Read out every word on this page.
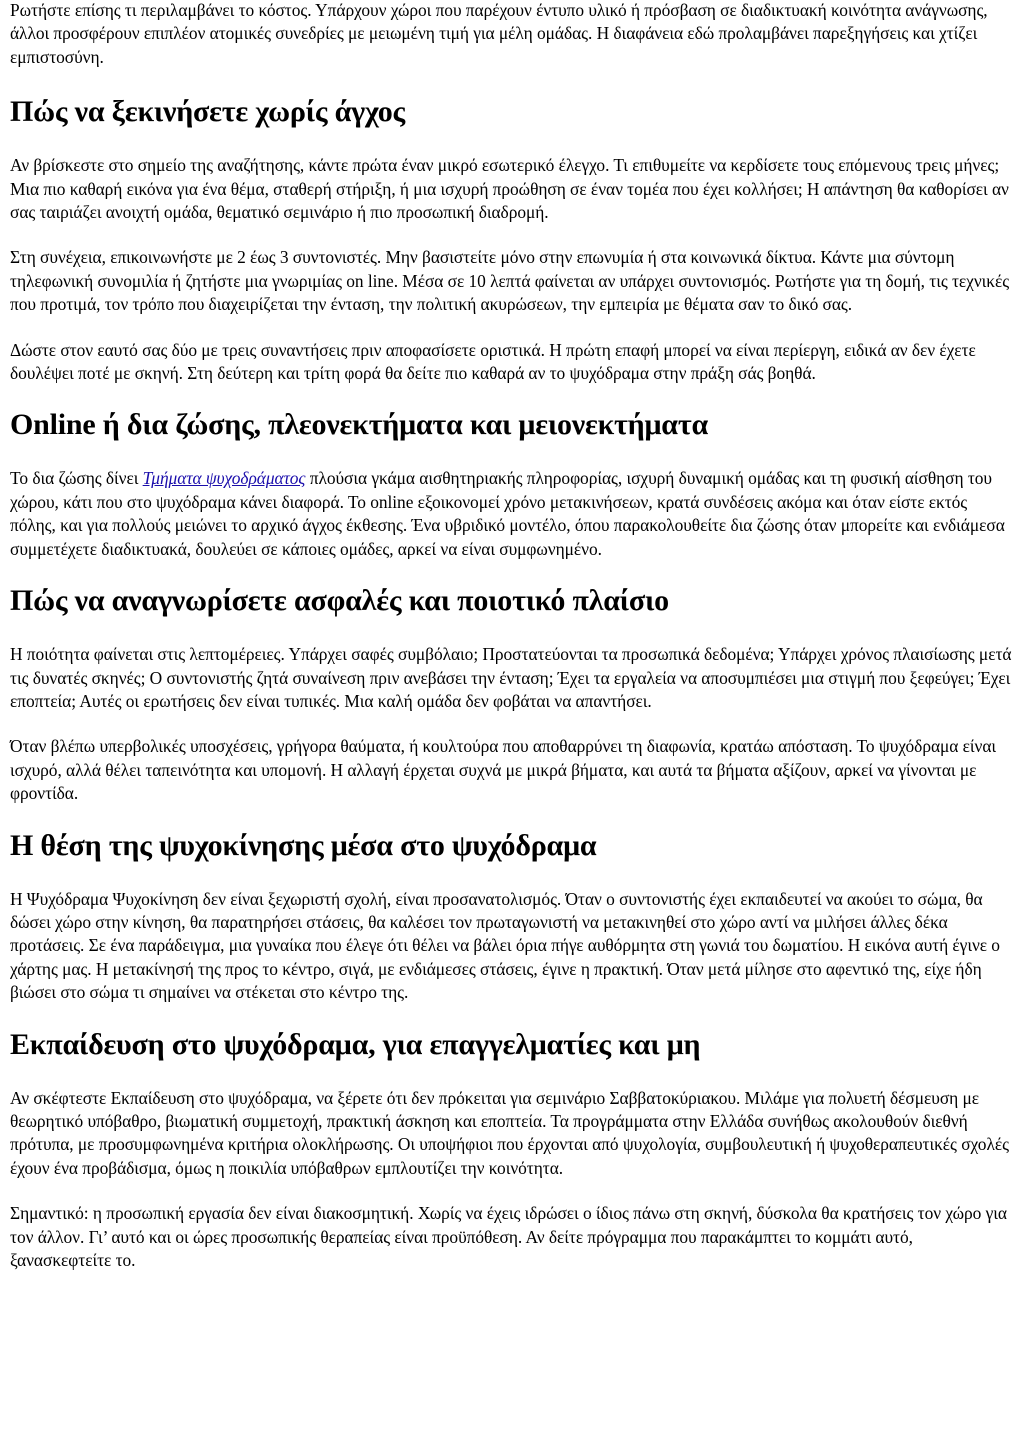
Ρωτήστε επίσης τι περιλαμβάνει το κόστος. Υπάρχουν χώροι που παρέχουν έντυπο υλικό ή πρόσβαση σε διαδικτυακή κοινότητα ανάγνωσης, άλλοι προσφέρουν επιπλέον ατομικές συνεδρίες με μειωμένη τιμή για μέλη ομάδας. Η διαφάνεια εδώ προλαμβάνει παρεξηγήσεις και χτίζει εμπιστοσύνη.

Πώς να ξεκινήσετε χωρίς άγχος

Αν βρίσκεστε στο σημείο της αναζήτησης, κάντε πρώτα έναν μικρό εσωτερικό έλεγχο. Τι επιθυμείτε να κερδίσετε τους επόμενους τρεις μήνες; Μια πιο καθαρή εικόνα για ένα θέμα, σταθερή στήριξη, ή μια ισχυρή προώθηση σε έναν τομέα που έχει κολλήσει; Η απάντηση θα καθορίσει αν σας ταιριάζει ανοιχτή ομάδα, θεματικό σεμινάριο ή πιο προσωπική διαδρομή.

Στη συνέχεια, επικοινωνήστε με 2 έως 3 συντονιστές. Μην βασιστείτε μόνο στην επωνυμία ή στα κοινωνικά δίκτυα. Κάντε μια σύντομη τηλεφωνική συνομιλία ή ζητήστε μια γνωριμίας on line. Μέσα σε 10 λεπτά φαίνεται αν υπάρχει συντονισμός. Ρωτήστε για τη δομή, τις τεχνικές που προτιμά, τον τρόπο που διαχειρίζεται την ένταση, την πολιτική ακυρώσεων, την εμπειρία με θέματα σαν το δικό σας.

Δώστε στον εαυτό σας δύο με τρεις συναντήσεις πριν αποφασίσετε οριστικά. Η πρώτη επαφή μπορεί να είναι περίεργη, ειδικά αν δεν έχετε δουλέψει ποτέ με σκηνή. Στη δεύτερη και τρίτη φορά θα δείτε πιο καθαρά αν το ψυχόδραμα στην πράξη σάς βοηθά.

Online ή δια ζώσης, πλεονεκτήματα και μειονεκτήματα

Το δια ζώσης δίνει Τμήματα ψυχοδράματος πλούσια γκάμα αισθητηριακής πληροφορίας, ισχυρή δυναμική ομάδας και τη φυσική αίσθηση του χώρου, κάτι που στο ψυχόδραμα κάνει διαφορά. Το online εξοικονομεί χρόνο μετακινήσεων, κρατά συνδέσεις ακόμα και όταν είστε εκτός πόλης, και για πολλούς μειώνει το αρχικό άγχος έκθεσης. Ένα υβριδικό μοντέλο, όπου παρακολουθείτε δια ζώσης όταν μπορείτε και ενδιάμεσα συμμετέχετε διαδικτυακά, δουλεύει σε κάποιες ομάδες, αρκεί να είναι συμφωνημένο.

Πώς να αναγνωρίσετε ασφαλές και ποιοτικό πλαίσιο

Η ποιότητα φαίνεται στις λεπτομέρειες. Υπάρχει σαφές συμβόλαιο; Προστατεύονται τα προσωπικά δεδομένα; Υπάρχει χρόνος πλαισίωσης μετά τις δυνατές σκηνές; Ο συντονιστής ζητά συναίνεση πριν ανεβάσει την ένταση; Έχει τα εργαλεία να αποσυμπιέσει μια στιγμή που ξεφεύγει; Έχει εποπτεία; Αυτές οι ερωτήσεις δεν είναι τυπικές. Μια καλή ομάδα δεν φοβάται να απαντήσει.

Όταν βλέπω υπερβολικές υποσχέσεις, γρήγορα θαύματα, ή κουλτούρα που αποθαρρύνει τη διαφωνία, κρατάω απόσταση. Το ψυχόδραμα είναι ισχυρό, αλλά θέλει ταπεινότητα και υπομονή. Η αλλαγή έρχεται συχνά με μικρά βήματα, και αυτά τα βήματα αξίζουν, αρκεί να γίνονται με φροντίδα.

Η θέση της ψυχοκίνησης μέσα στο ψυχόδραμα

Η Ψυχόδραμα Ψυχοκίνηση δεν είναι ξεχωριστή σχολή, είναι προσανατολισμός. Όταν ο συντονιστής έχει εκπαιδευτεί να ακούει το σώμα, θα δώσει χώρο στην κίνηση, θα παρατηρήσει στάσεις, θα καλέσει τον πρωταγωνιστή να μετακινηθεί στο χώρο αντί να μιλήσει άλλες δέκα προτάσεις. Σε ένα παράδειγμα, μια γυναίκα που έλεγε ότι θέλει να βάλει όρια πήγε αυθόρμητα στη γωνιά του δωματίου. Η εικόνα αυτή έγινε ο χάρτης μας. Η μετακίνησή της προς το κέντρο, σιγά, με ενδιάμεσες στάσεις, έγινε η πρακτική. Όταν μετά μίλησε στο αφεντικό της, είχε ήδη βιώσει στο σώμα τι σημαίνει να στέκεται στο κέντρο της.

Εκπαίδευση στο ψυχόδραμα, για επαγγελματίες και μη

Αν σκέφτεστε Εκπαίδευση στο ψυχόδραμα, να ξέρετε ότι δεν πρόκειται για σεμινάριο Σαββατοκύριακου. Μιλάμε για πολυετή δέσμευση με θεωρητικό υπόβαθρο, βιωματική συμμετοχή, πρακτική άσκηση και εποπτεία. Τα προγράμματα στην Ελλάδα συνήθως ακολουθούν διεθνή πρότυπα, με προσυμφωνημένα κριτήρια ολοκλήρωσης. Οι υποψήφιοι που έρχονται από ψυχολογία, συμβουλευτική ή ψυχοθεραπευτικές σχολές έχουν ένα προβάδισμα, όμως η ποικιλία υπόβαθρων εμπλουτίζει την κοινότητα.

Σημαντικό: η προσωπική εργασία δεν είναι διακοσμητική. Χωρίς να έχεις ιδρώσει ο ίδιος πάνω στη σκηνή, δύσκολα θα κρατήσεις τον χώρο για τον άλλον. Γι’ αυτό και οι ώρες προσωπικής θεραπείας είναι προϋπόθεση. Αν δείτε πρόγραμμα που παρακάμπτει το κομμάτι αυτό, ξανασκεφτείτε το.
